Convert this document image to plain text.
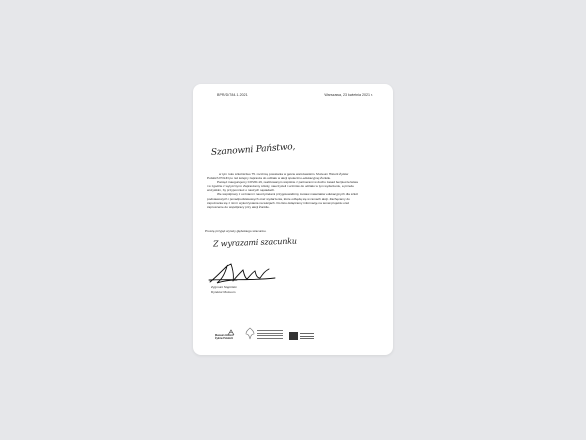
BPR/D/784.1.2021	Warszawa, 23 kwietnia 2021 r.
Szanowni Państwo,

w tym roku szkolnictwo 75. rocznicę powstania w getcie warszawskim. Muzeum Historii Żydów Polskich POLIN po raz kolejny zaprasza do udziału w akcji społeczno-edukacyjnej Żonkile.

Pamięć inaugurujemy COVID-19, realizowanym wspólnie z partnerami w duchu zasad bezpieczeństwa i w zgodzie z wytycznymi. Zapraszamy szkoły, nauczycieli i uczniów do udziału w tym wydarzeniu, a przede wszystkim, by przypomnieć o naszych sąsiadach.

We współpracy z uczniami i nauczycielami przygotowaliśmy zestaw materiałów edukacyjnych dla szkół podstawowych i ponadpodstawowych oraz wydarzenia, które odbędą się w ramach akcji. Zachęcamy do zapoznania się z nimi i wykorzystania na lekcjach. Do listu dołączamy informację na temat projektu oraz zaproszenie do współpracy przy akcji Żonkile.

Proszę przyjąć wyrazy głębokiego szacunku.
Z wyrazami szacunku
Zygmunt Stępiński
Dyrektor Muzeum
Muzeum Historii Żydów Polskich
